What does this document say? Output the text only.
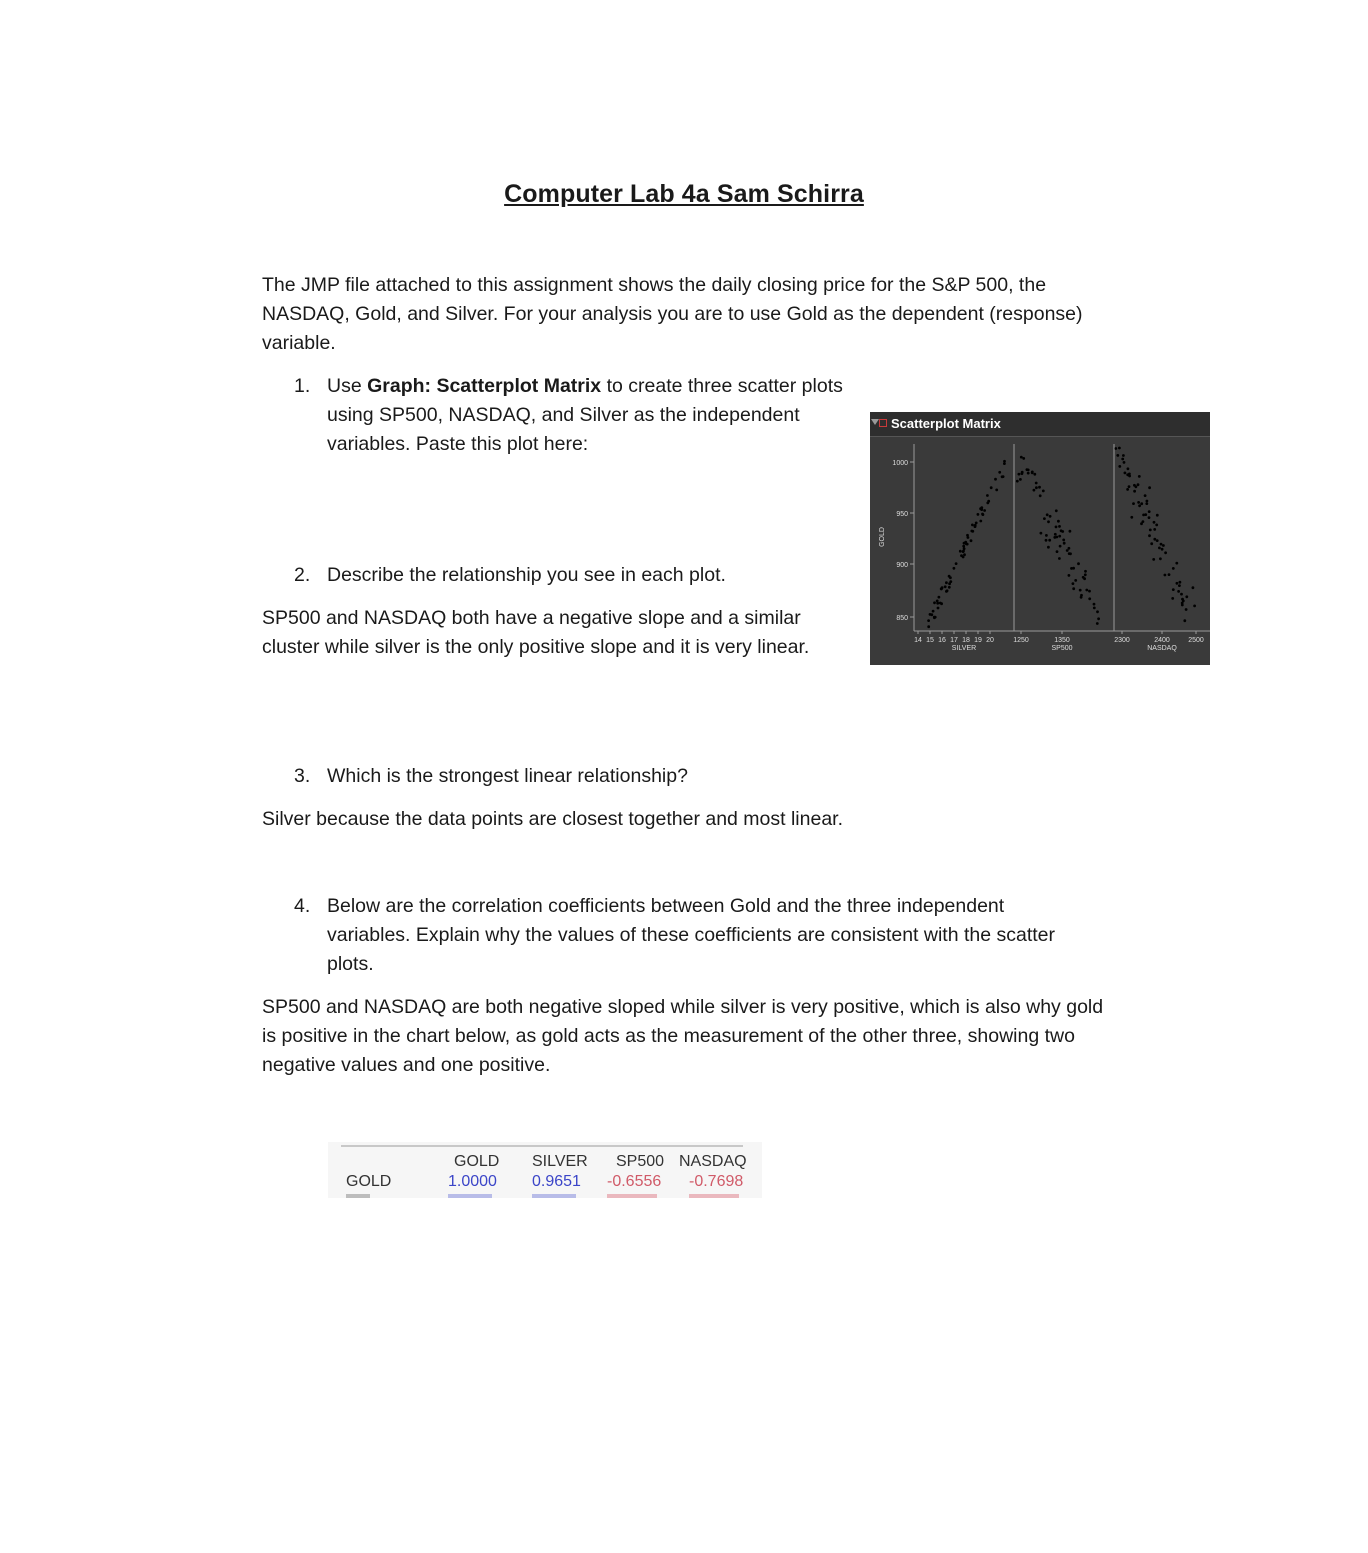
Computer Lab 4a Sam Schirra

The JMP file attached to this assignment shows the daily closing price for the S&P 500, the
NASDAQ, Gold, and Silver. For your analysis you are to use Gold as the dependent (response)
variable.

1. Use Graph: Scatterplot Matrix to create three scatter plots
using SP500, NASDAQ, and Silver as the independent
variables. Paste this plot here:
Scatterplot Matrix
1000
950
900
850
GOLD
14 15 16 17 18 19 20
SILVER
1250	1350
SP500
2300	2400	2500
NASDAQ
2. Describe the relationship you see in each plot.

SP500 and NASDAQ both have a negative slope and a similar
cluster while silver is the only positive slope and it is very linear.

3. Which is the strongest linear relationship?

Silver because the data points are closest together and most linear.

4. Below are the correlation coefficients between Gold and the three independent
variables. Explain why the values of these coefficients are consistent with the scatter
plots.

SP500 and NASDAQ are both negative sloped while silver is very positive, which is also why gold
is positive in the chart below, as gold acts as the measurement of the other three, showing two
negative values and one positive.

GOLD SILVER SP500 NASDAQ
GOLD	1.0000 0.9651 -0.6556 -0.7698
